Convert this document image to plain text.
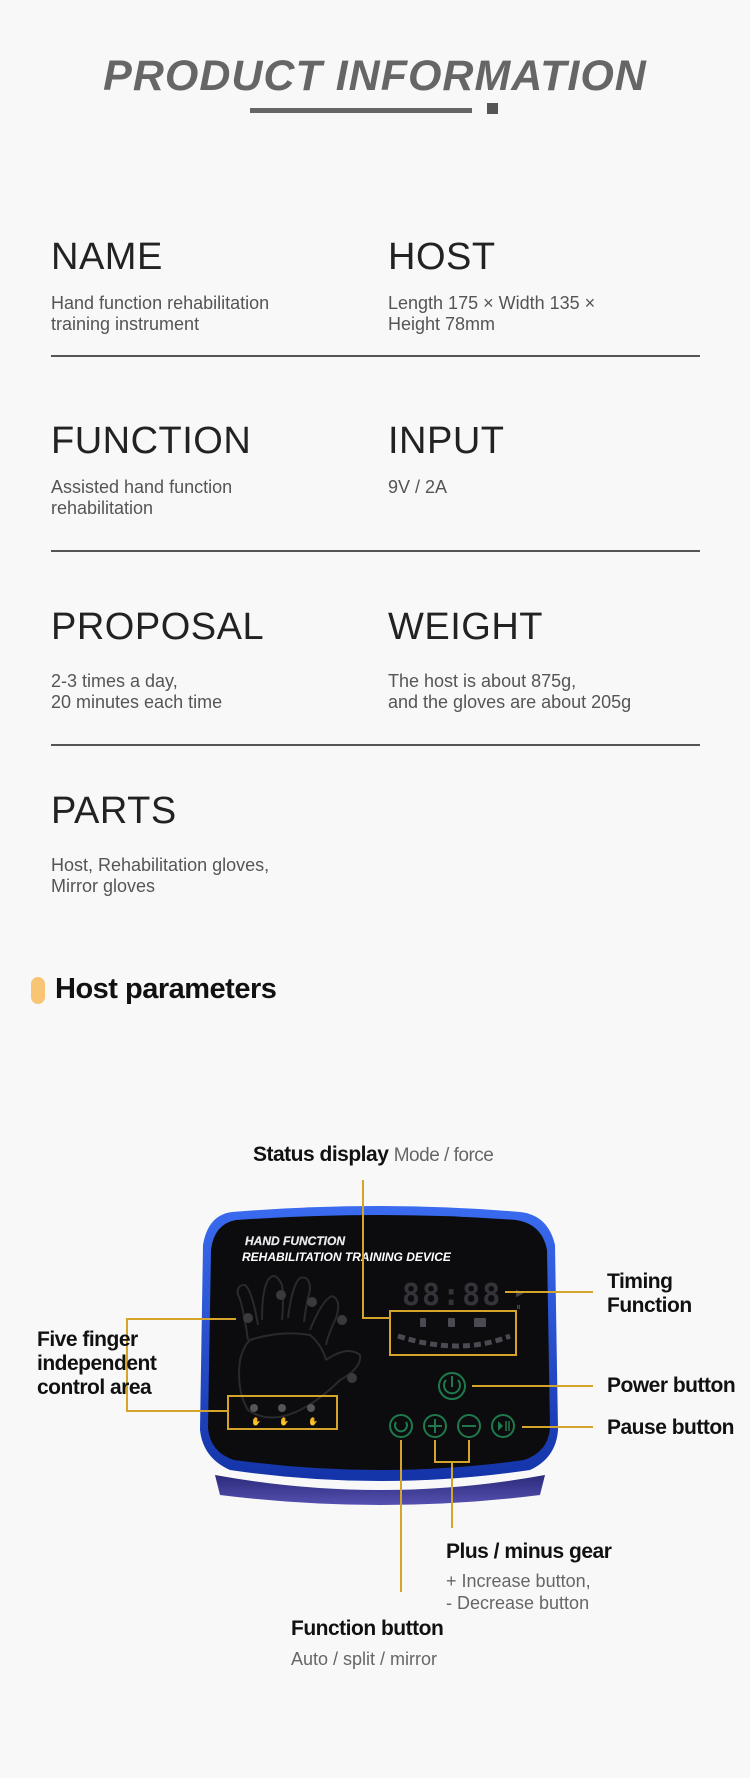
PRODUCT INFORMATION
NAME
Hand function rehabilitation
training instrument
HOST
Length 175 × Width 135 ×
Height 78mm
FUNCTION
Assisted hand function
rehabilitation
INPUT
9V / 2A
PROPOSAL
2-3 times a day,
20 minutes each time
WEIGHT
The host is about 875g,
and the gloves are about 205g
PARTS
Host, Rehabilitation gloves,
Mirror gloves
Host parameters
HAND FUNCTION
REHABILITATION TRAINING DEVICE
✋ ✋ ✋
88:88 ▶
⏸
Status display Mode / force
Timing
Function
Five finger
independent
control area	Power button
Pause button
Plus / minus gear
+ Increase button,
- Decrease button
Function button
Auto / split / mirror
